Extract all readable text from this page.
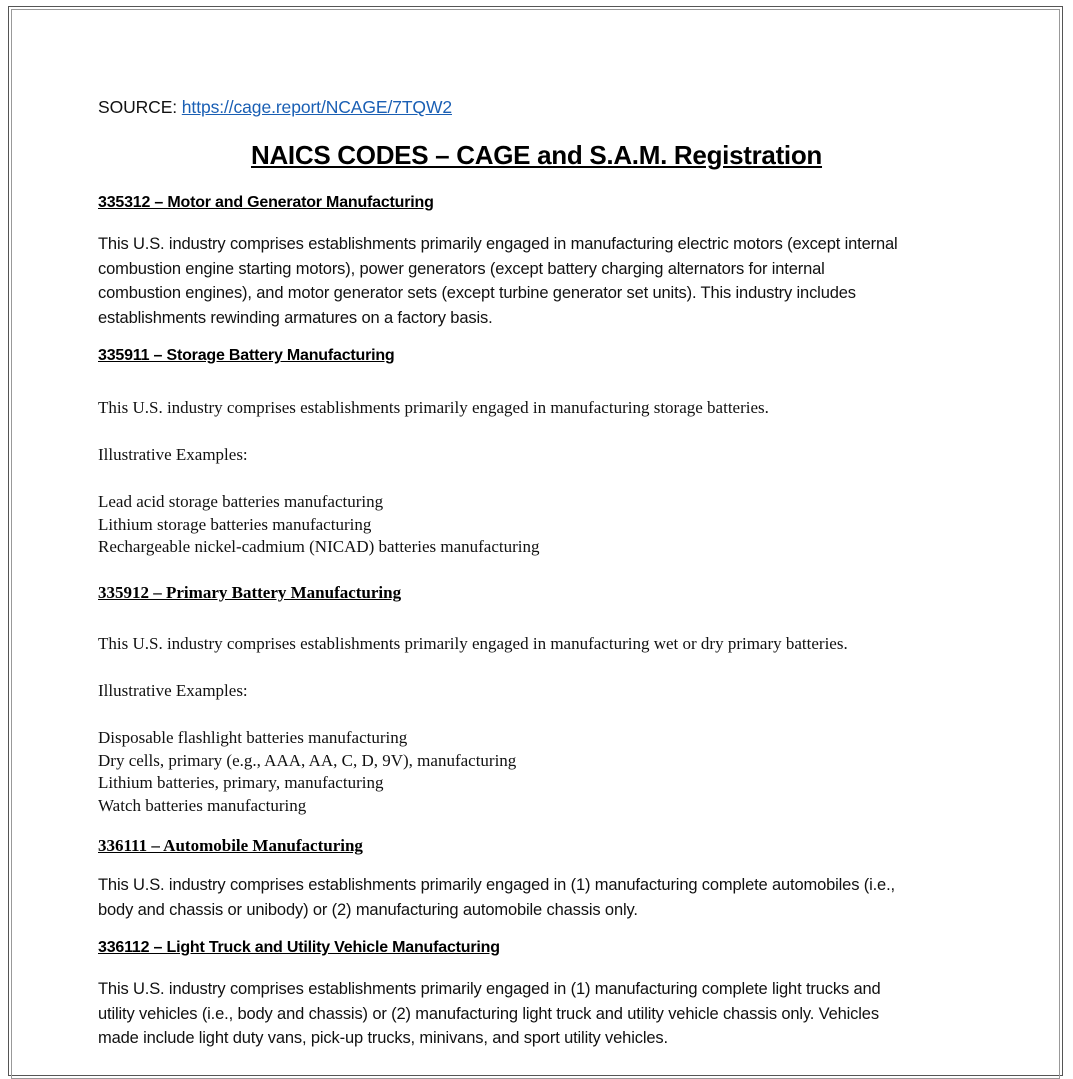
SOURCE: https://cage.report/NCAGE/7TQW2

NAICS CODES – CAGE and S.A.M. Registration

335312 – Motor and Generator Manufacturing

This U.S. industry comprises establishments primarily engaged in manufacturing electric motors (except internal
combustion engine starting motors), power generators (except battery charging alternators for internal
combustion engines), and motor generator sets (except turbine generator set units). This industry includes
establishments rewinding armatures on a factory basis.

335911 – Storage Battery Manufacturing

This U.S. industry comprises establishments primarily engaged in manufacturing storage batteries.

Illustrative Examples:

Lead acid storage batteries manufacturing
Lithium storage batteries manufacturing
Rechargeable nickel-cadmium (NICAD) batteries manufacturing

335912 – Primary Battery Manufacturing

This U.S. industry comprises establishments primarily engaged in manufacturing wet or dry primary batteries.

Illustrative Examples:

Disposable flashlight batteries manufacturing
Dry cells, primary (e.g., AAA, AA, C, D, 9V), manufacturing
Lithium batteries, primary, manufacturing
Watch batteries manufacturing

336111 – Automobile Manufacturing

This U.S. industry comprises establishments primarily engaged in (1) manufacturing complete automobiles (i.e.,
body and chassis or unibody) or (2) manufacturing automobile chassis only.

336112 – Light Truck and Utility Vehicle Manufacturing

This U.S. industry comprises establishments primarily engaged in (1) manufacturing complete light trucks and
utility vehicles (i.e., body and chassis) or (2) manufacturing light truck and utility vehicle chassis only. Vehicles
made include light duty vans, pick-up trucks, minivans, and sport utility vehicles.
